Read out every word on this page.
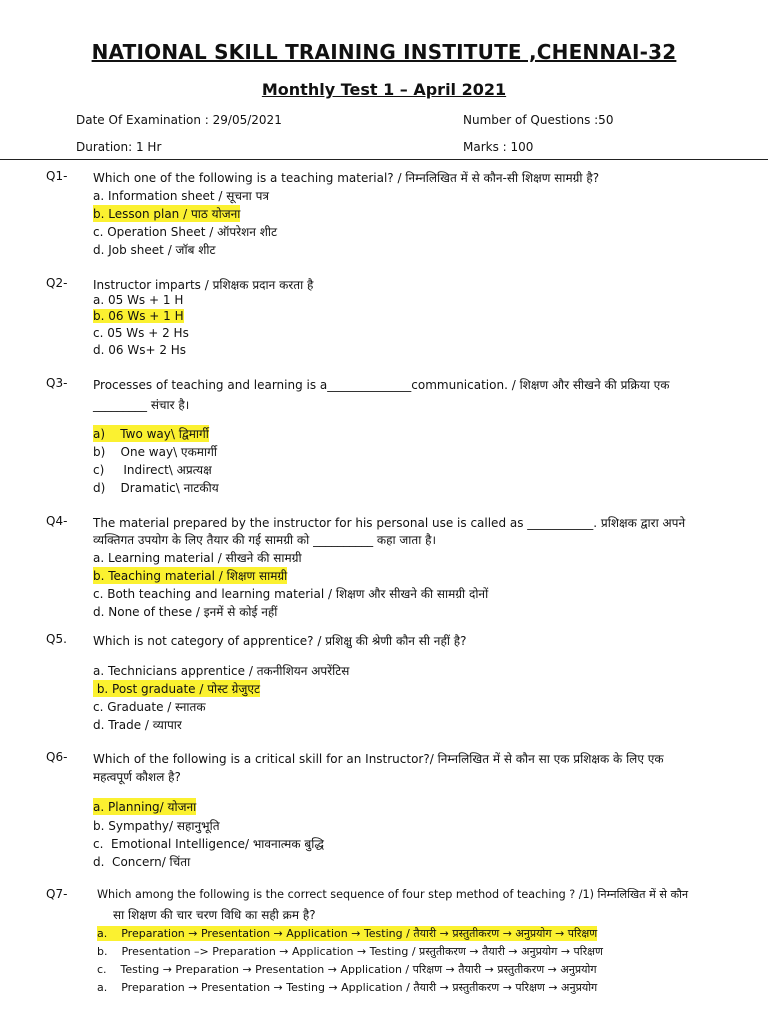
NATIONAL SKILL TRAINING INSTITUTE ,CHENNAI-32
Monthly Test 1 – April 2021
Date Of Examination : 29/05/2021	Number of Questions :50
Duration: 1 Hr	Marks : 100
Q1- Which one of the following is a teaching material? / निम्नलिखित में से कौन-सी शिक्षण सामग्री है?
a. Information sheet / सूचना पत्र
b. Lesson plan / पाठ योजना
c. Operation Sheet / ऑपरेशन शीट
d. Job sheet / जॉब शीट
Q2- Instructor imparts / प्रशिक्षक प्रदान करता है
a. 05 Ws + 1 H
b. 06 Ws + 1 H
c. 05 Ws + 2 Hs
d. 06 Ws+ 2 Hs
Q3- Processes of teaching and learning is a______________communication. / शिक्षण और सीखने की प्रक्रिया एक
_________ संचार है।
a)    Two way\ द्विमार्गी
b)    One way\ एकमार्गी
c)     Indirect\ अप्रत्यक्ष
d)    Dramatic\ नाटकीय
Q4- The material prepared by the instructor for his personal use is called as ___________. प्रशिक्षक द्वारा अपने
व्यक्तिगत उपयोग के लिए तैयार की गई सामग्री को __________ कहा जाता है।
a. Learning material / सीखने की सामग्री
b. Teaching material / शिक्षण सामग्री
c. Both teaching and learning material / शिक्षण और सीखने की सामग्री दोनों
d. None of these / इनमें से कोई नहीं
Q5. Which is not category of apprentice? / प्रशिक्षु की श्रेणी कौन सी नहीं है?
a. Technicians apprentice / तकनीशियन अपरेंटिस
b. Post graduate / पोस्ट ग्रेजुएट
c. Graduate / स्नातक
d. Trade / व्यापार
Q6- Which of the following is a critical skill for an Instructor?/ निम्नलिखित में से कौन सा एक प्रशिक्षक के लिए एक
महत्वपूर्ण कौशल है?
a. Planning/ योजना
b. Sympathy/ सहानुभूति
c.  Emotional Intelligence/ भावनात्मक बुद्धि
d.  Concern/ चिंता
Q7-	Which among the following is the correct sequence of four step method of teaching ? /1) निम्नलिखित में से कौन
सा शिक्षण की चार चरण विधि का सही क्रम है?
a.    Preparation → Presentation → Application → Testing / तैयारी → प्रस्तुतीकरण → अनुप्रयोग → परिक्षण
b.    Presentation –> Preparation → Application → Testing / प्रस्तुतीकरण → तैयारी → अनुप्रयोग → परिक्षण
c.    Testing → Preparation → Presentation → Application / परिक्षण → तैयारी → प्रस्तुतीकरण → अनुप्रयोग
a.    Preparation → Presentation → Testing → Application / तैयारी → प्रस्तुतीकरण → परिक्षण → अनुप्रयोग
